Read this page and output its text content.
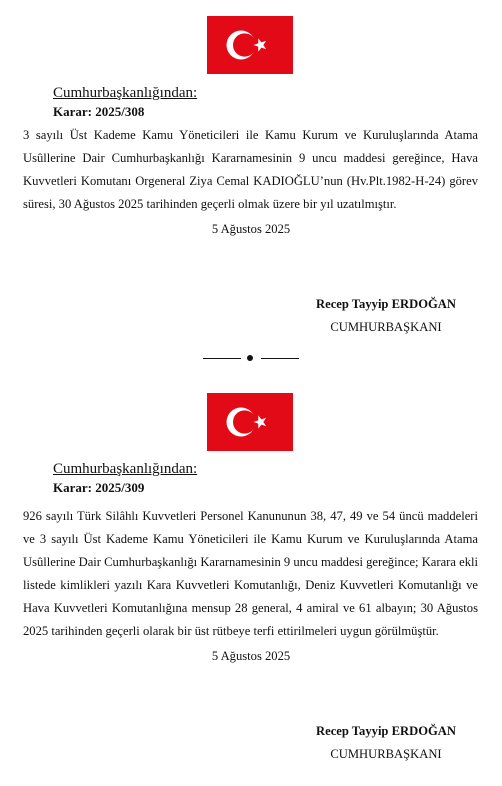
Cumhurbaşkanlığından:
Karar: 2025/308
3 sayılı Üst Kademe Kamu Yöneticileri ile Kamu Kurum ve Kuruluşlarında Atama Usûllerine Dair Cumhurbaşkanlığı Kararnamesinin 9 uncu maddesi gereğince, Hava Kuvvetleri Komutanı Orgeneral Ziya Cemal KADIOĞLU’nun (Hv.Plt.1982-H-24) görev süresi, 30 Ağustos 2025 tarihinden geçerli olmak üzere bir yıl uzatılmıştır.
5 Ağustos 2025
Recep Tayyip ERDOĞAN
CUMHURBAŞKANI
Cumhurbaşkanlığından:
Karar: 2025/309
926 sayılı Türk Silâhlı Kuvvetleri Personel Kanununun 38, 47, 49 ve 54 üncü maddeleri ve 3 sayılı Üst Kademe Kamu Yöneticileri ile Kamu Kurum ve Kuruluşlarında Atama Usûllerine Dair Cumhurbaşkanlığı Kararnamesinin 9 uncu maddesi gereğince; Karara ekli listede kimlikleri yazılı Kara Kuvvetleri Komutanlığı, Deniz Kuvvetleri Komutanlığı ve Hava Kuvvetleri Komutanlığına mensup 28 general, 4 amiral ve 61 albayın; 30 Ağustos 2025 tarihinden geçerli olarak bir üst rütbeye terfi ettirilmeleri uygun görülmüştür.
5 Ağustos 2025
Recep Tayyip ERDOĞAN
CUMHURBAŞKANI
